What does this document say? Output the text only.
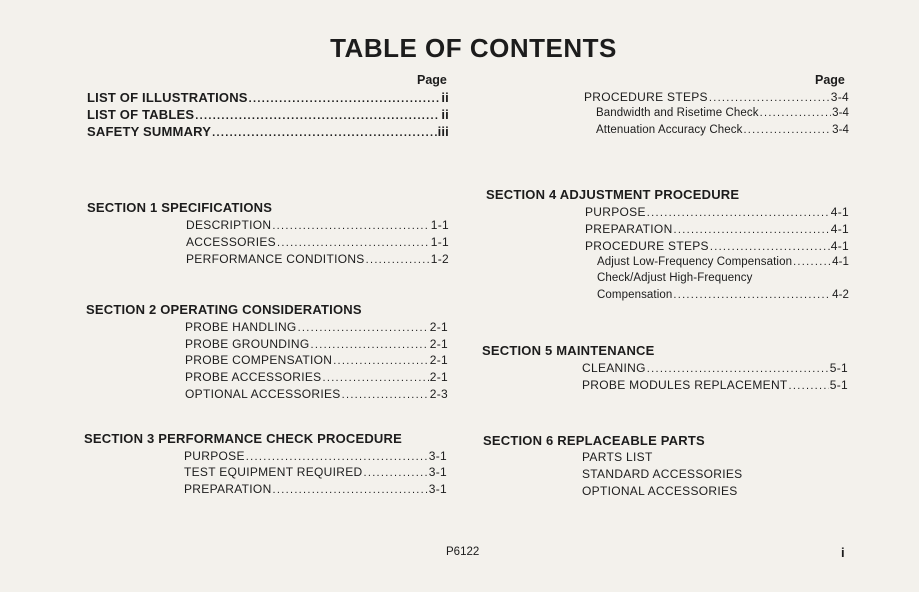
TABLE OF CONTENTS
Page	Page
LIST OF ILLUSTRATIONS .....	ii
LIST OF TABLES .....	ii
SAFETY SUMMARY .....	iii
PROCEDURE STEPS .....	3-4
Bandwidth and Risetime Check .....	3-4
Attenuation Accuracy Check .....	3-4
SECTION 1 SPECIFICATIONS
DESCRIPTION .....	1-1
ACCESSORIES .....	1-1
PERFORMANCE CONDITIONS .....	1-2
SECTION 2 OPERATING CONSIDERATIONS
PROBE HANDLING .....	2-1
PROBE GROUNDING .....	2-1
PROBE COMPENSATION .....	2-1
PROBE ACCESSORIES .....	2-1
OPTIONAL ACCESSORIES .....	2-3
SECTION 3 PERFORMANCE CHECK PROCEDURE
PURPOSE .....	3-1
TEST EQUIPMENT REQUIRED .....	3-1
PREPARATION .....	3-1
SECTION 4 ADJUSTMENT PROCEDURE
PURPOSE .....	4-1
PREPARATION .....	4-1
PROCEDURE STEPS .....	4-1
Adjust Low-Frequency Compensation .....	4-1
Check/Adjust High-Frequency
Compensation .....	4-2
SECTION 5 MAINTENANCE
CLEANING .....	5-1
PROBE MODULES REPLACEMENT .....	5-1
SECTION 6 REPLACEABLE PARTS
PARTS LIST
STANDARD ACCESSORIES
OPTIONAL ACCESSORIES
P6122	i
